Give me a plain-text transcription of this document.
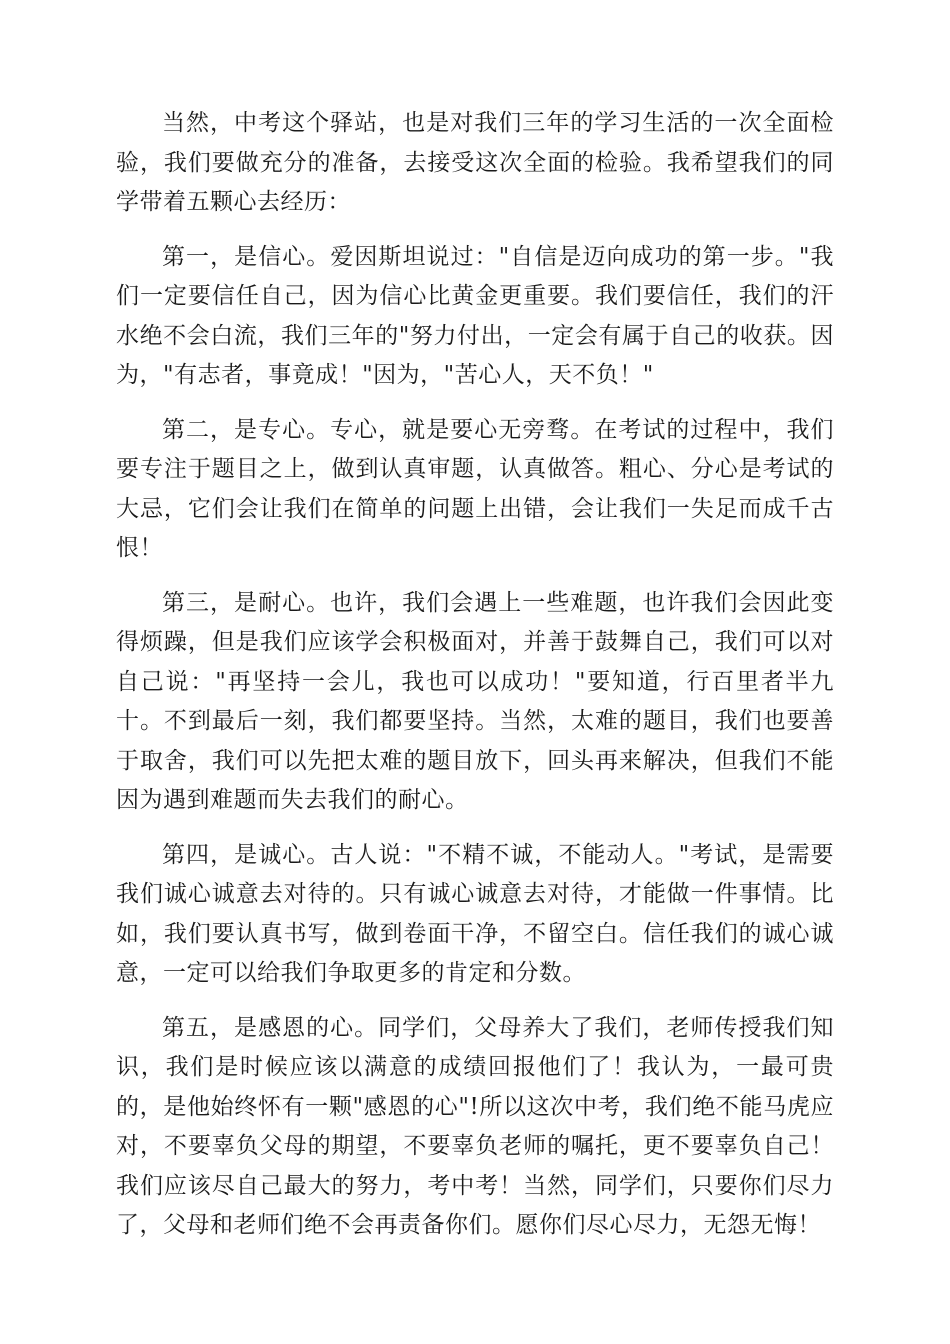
当然，中考这个驿站，也是对我们三年的学习生活的一次全面检验，我们要做充分的准备，去接受这次全面的检验。我希望我们的同学带着五颗心去经历：

第一，是信心。爱因斯坦说过："自信是迈向成功的第一步。"我们一定要信任自己，因为信心比黄金更重要。我们要信任，我们的汗水绝不会白流，我们三年的"努力付出，一定会有属于自己的收获。因为，"有志者，事竟成！"因为，"苦心人，天不负！"

第二，是专心。专心，就是要心无旁骛。在考试的过程中，我们要专注于题目之上，做到认真审题，认真做答。粗心、分心是考试的大忌，它们会让我们在简单的问题上出错，会让我们一失足而成千古恨！

第三，是耐心。也许，我们会遇上一些难题，也许我们会因此变得烦躁，但是我们应该学会积极面对，并善于鼓舞自己，我们可以对自己说："再坚持一会儿，我也可以成功！"要知道，行百里者半九十。不到最后一刻，我们都要坚持。当然，太难的题目，我们也要善于取舍，我们可以先把太难的题目放下，回头再来解决，但我们不能因为遇到难题而失去我们的耐心。

第四，是诚心。古人说："不精不诚，不能动人。"考试，是需要我们诚心诚意去对待的。只有诚心诚意去对待，才能做一件事情。比如，我们要认真书写，做到卷面干净，不留空白。信任我们的诚心诚意，一定可以给我们争取更多的肯定和分数。

第五，是感恩的心。同学们，父母养大了我们，老师传授我们知识，我们是时候应该以满意的成绩回报他们了！我认为，一最可贵的，是他始终怀有一颗"感恩的心"!所以这次中考，我们绝不能马虎应对，不要辜负父母的期望，不要辜负老师的嘱托，更不要辜负自己！我们应该尽自己最大的努力，考中考！当然，同学们，只要你们尽力了，父母和老师们绝不会再责备你们。愿你们尽心尽力，无怨无悔！
